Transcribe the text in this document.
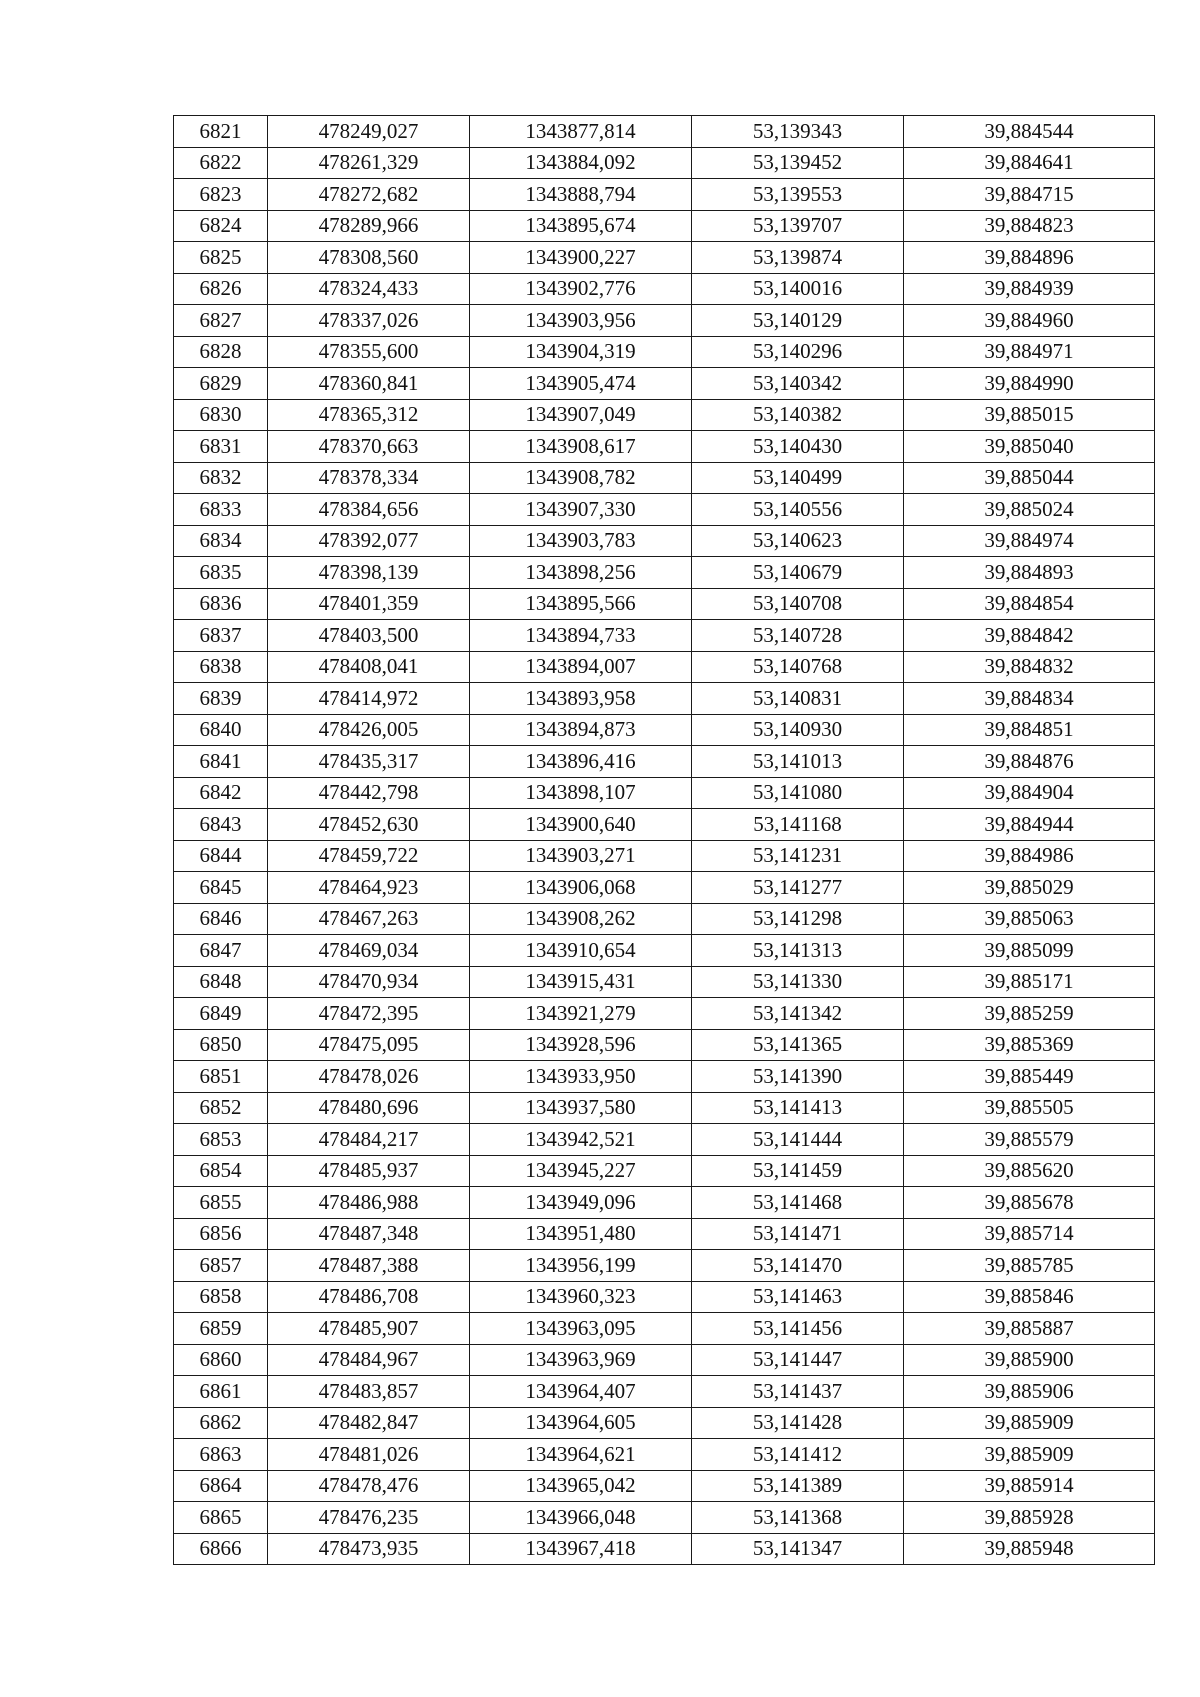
6821	478249,027	1343877,814	53,139343	39,884544
6822	478261,329	1343884,092	53,139452	39,884641
6823	478272,682	1343888,794	53,139553	39,884715
6824	478289,966	1343895,674	53,139707	39,884823
6825	478308,560	1343900,227	53,139874	39,884896
6826	478324,433	1343902,776	53,140016	39,884939
6827	478337,026	1343903,956	53,140129	39,884960
6828	478355,600	1343904,319	53,140296	39,884971
6829	478360,841	1343905,474	53,140342	39,884990
6830	478365,312	1343907,049	53,140382	39,885015
6831	478370,663	1343908,617	53,140430	39,885040
6832	478378,334	1343908,782	53,140499	39,885044
6833	478384,656	1343907,330	53,140556	39,885024
6834	478392,077	1343903,783	53,140623	39,884974
6835	478398,139	1343898,256	53,140679	39,884893
6836	478401,359	1343895,566	53,140708	39,884854
6837	478403,500	1343894,733	53,140728	39,884842
6838	478408,041	1343894,007	53,140768	39,884832
6839	478414,972	1343893,958	53,140831	39,884834
6840	478426,005	1343894,873	53,140930	39,884851
6841	478435,317	1343896,416	53,141013	39,884876
6842	478442,798	1343898,107	53,141080	39,884904
6843	478452,630	1343900,640	53,141168	39,884944
6844	478459,722	1343903,271	53,141231	39,884986
6845	478464,923	1343906,068	53,141277	39,885029
6846	478467,263	1343908,262	53,141298	39,885063
6847	478469,034	1343910,654	53,141313	39,885099
6848	478470,934	1343915,431	53,141330	39,885171
6849	478472,395	1343921,279	53,141342	39,885259
6850	478475,095	1343928,596	53,141365	39,885369
6851	478478,026	1343933,950	53,141390	39,885449
6852	478480,696	1343937,580	53,141413	39,885505
6853	478484,217	1343942,521	53,141444	39,885579
6854	478485,937	1343945,227	53,141459	39,885620
6855	478486,988	1343949,096	53,141468	39,885678
6856	478487,348	1343951,480	53,141471	39,885714
6857	478487,388	1343956,199	53,141470	39,885785
6858	478486,708	1343960,323	53,141463	39,885846
6859	478485,907	1343963,095	53,141456	39,885887
6860	478484,967	1343963,969	53,141447	39,885900
6861	478483,857	1343964,407	53,141437	39,885906
6862	478482,847	1343964,605	53,141428	39,885909
6863	478481,026	1343964,621	53,141412	39,885909
6864	478478,476	1343965,042	53,141389	39,885914
6865	478476,235	1343966,048	53,141368	39,885928
6866	478473,935	1343967,418	53,141347	39,885948
